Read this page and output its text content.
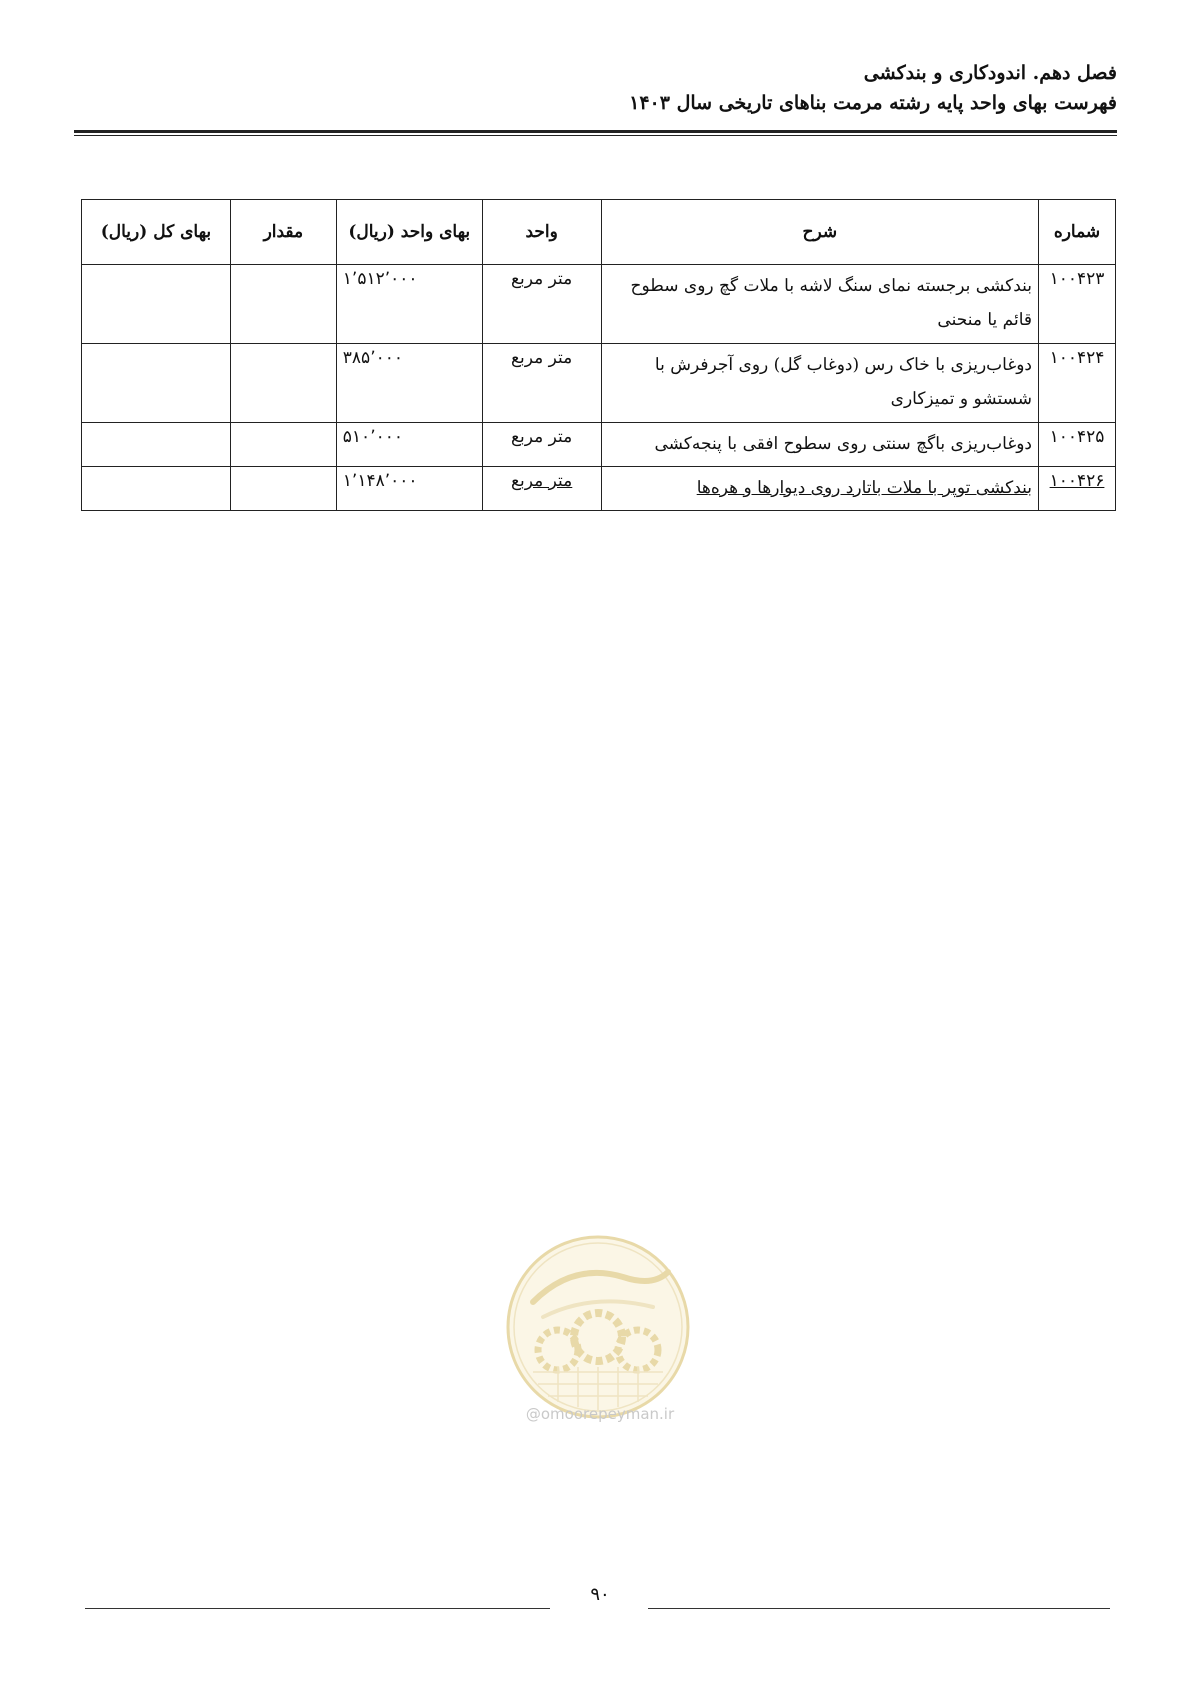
فصل دهم. اندودکاری و بندکشی
فهرست بهای واحد پایه رشته مرمت بناهای تاریخی سال ۱۴۰۳
شماره	شرح	واحد	بهای واحد (ریال)	مقدار	بهای کل (ریال)
۱۰۰۴۲۳	بندکشی برجسته نمای سنگ لاشه با ملات گچ روی سطوح قائم یا منحنی	متر مربع	۱٬۵۱۲٬۰۰۰		
۱۰۰۴۲۴	دوغاب‌ریزی با خاک رس (دوغاب گل) روی آجرفرش با شستشو و تمیزکاری	متر مربع	۳۸۵٬۰۰۰		
۱۰۰۴۲۵	دوغاب‌ریزی باگچ سنتی روی سطوح افقی با پنجه‌کشی	متر مربع	۵۱۰٬۰۰۰		
۱۰۰۴۲۶	بندکشی توپر با ملات باتارد روی دیوارها و هره‌ها	متر مربع	۱٬۱۴۸٬۰۰۰		
@omoorepeyman.ir
۹۰
